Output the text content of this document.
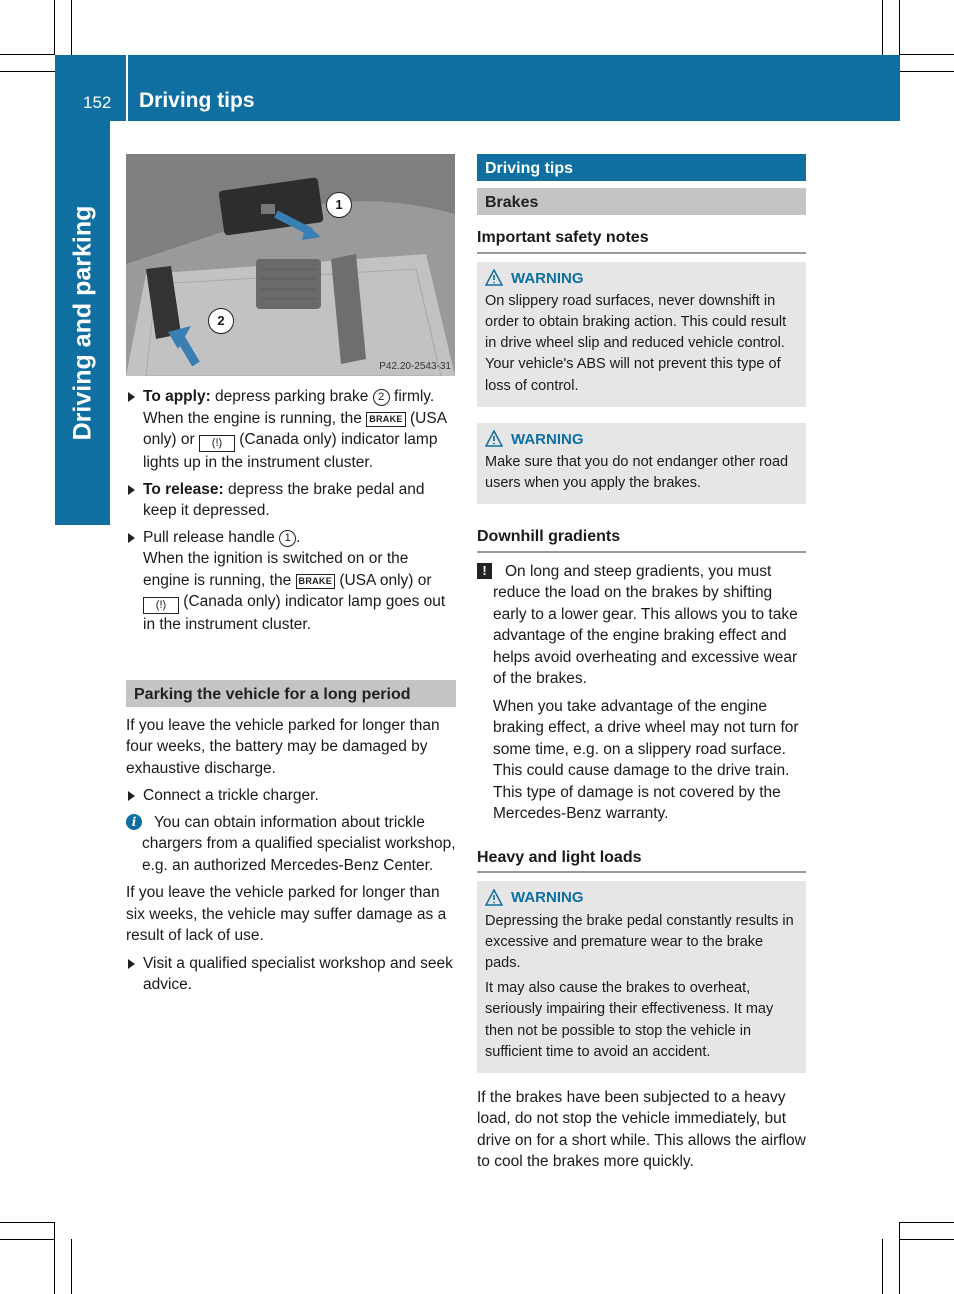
152 Driving tips
Driving and parking
1
2
P42.20-2543-31
To apply: depress parking brake 2 firmly.
When the engine is running, the BRAKE (USA only) or (!) (Canada only) indicator lamp lights up in the instrument cluster.
To release: depress the brake pedal and keep it depressed.
Pull release handle 1 .
When the ignition is switched on or the engine is running, the BRAKE (USA only) or (!) (Canada only) indicator lamp goes out in the instrument cluster.
Parking the vehicle for a long period

If you leave the vehicle parked for longer than four weeks, the battery may be damaged by exhaustive discharge.

Connect a trickle charger.
i	You can obtain information about trickle chargers from a qualified specialist workshop, e.g. an authorized Mercedes-Benz Center.

If you leave the vehicle parked for longer than six weeks, the vehicle may suffer damage as a result of lack of use.

Visit a qualified specialist workshop and seek advice.
Driving tips
Brakes
Important safety notes
WARNING

On slippery road surfaces, never downshift in order to obtain braking action. This could result in drive wheel slip and reduced vehicle control. Your vehicle's ABS will not prevent this type of loss of control.

WARNING

Make sure that you do not endanger other road users when you apply the brakes.

Downhill gradients
!	On long and steep gradients, you must reduce the load on the brakes by shifting early to a lower gear. This allows you to take advantage of the engine braking effect and helps avoid overheating and excessive wear of the brakes.

When you take advantage of the engine braking effect, a drive wheel may not turn for some time, e.g. on a slippery road surface. This could cause damage to the drive train. This type of damage is not covered by the Mercedes-Benz warranty.

Heavy and light loads
WARNING

Depressing the brake pedal constantly results in excessive and premature wear to the brake pads.

It may also cause the brakes to overheat, seriously impairing their effectiveness. It may then not be possible to stop the vehicle in sufficient time to avoid an accident.

If the brakes have been subjected to a heavy load, do not stop the vehicle immediately, but drive on for a short while. This allows the airflow to cool the brakes more quickly.
